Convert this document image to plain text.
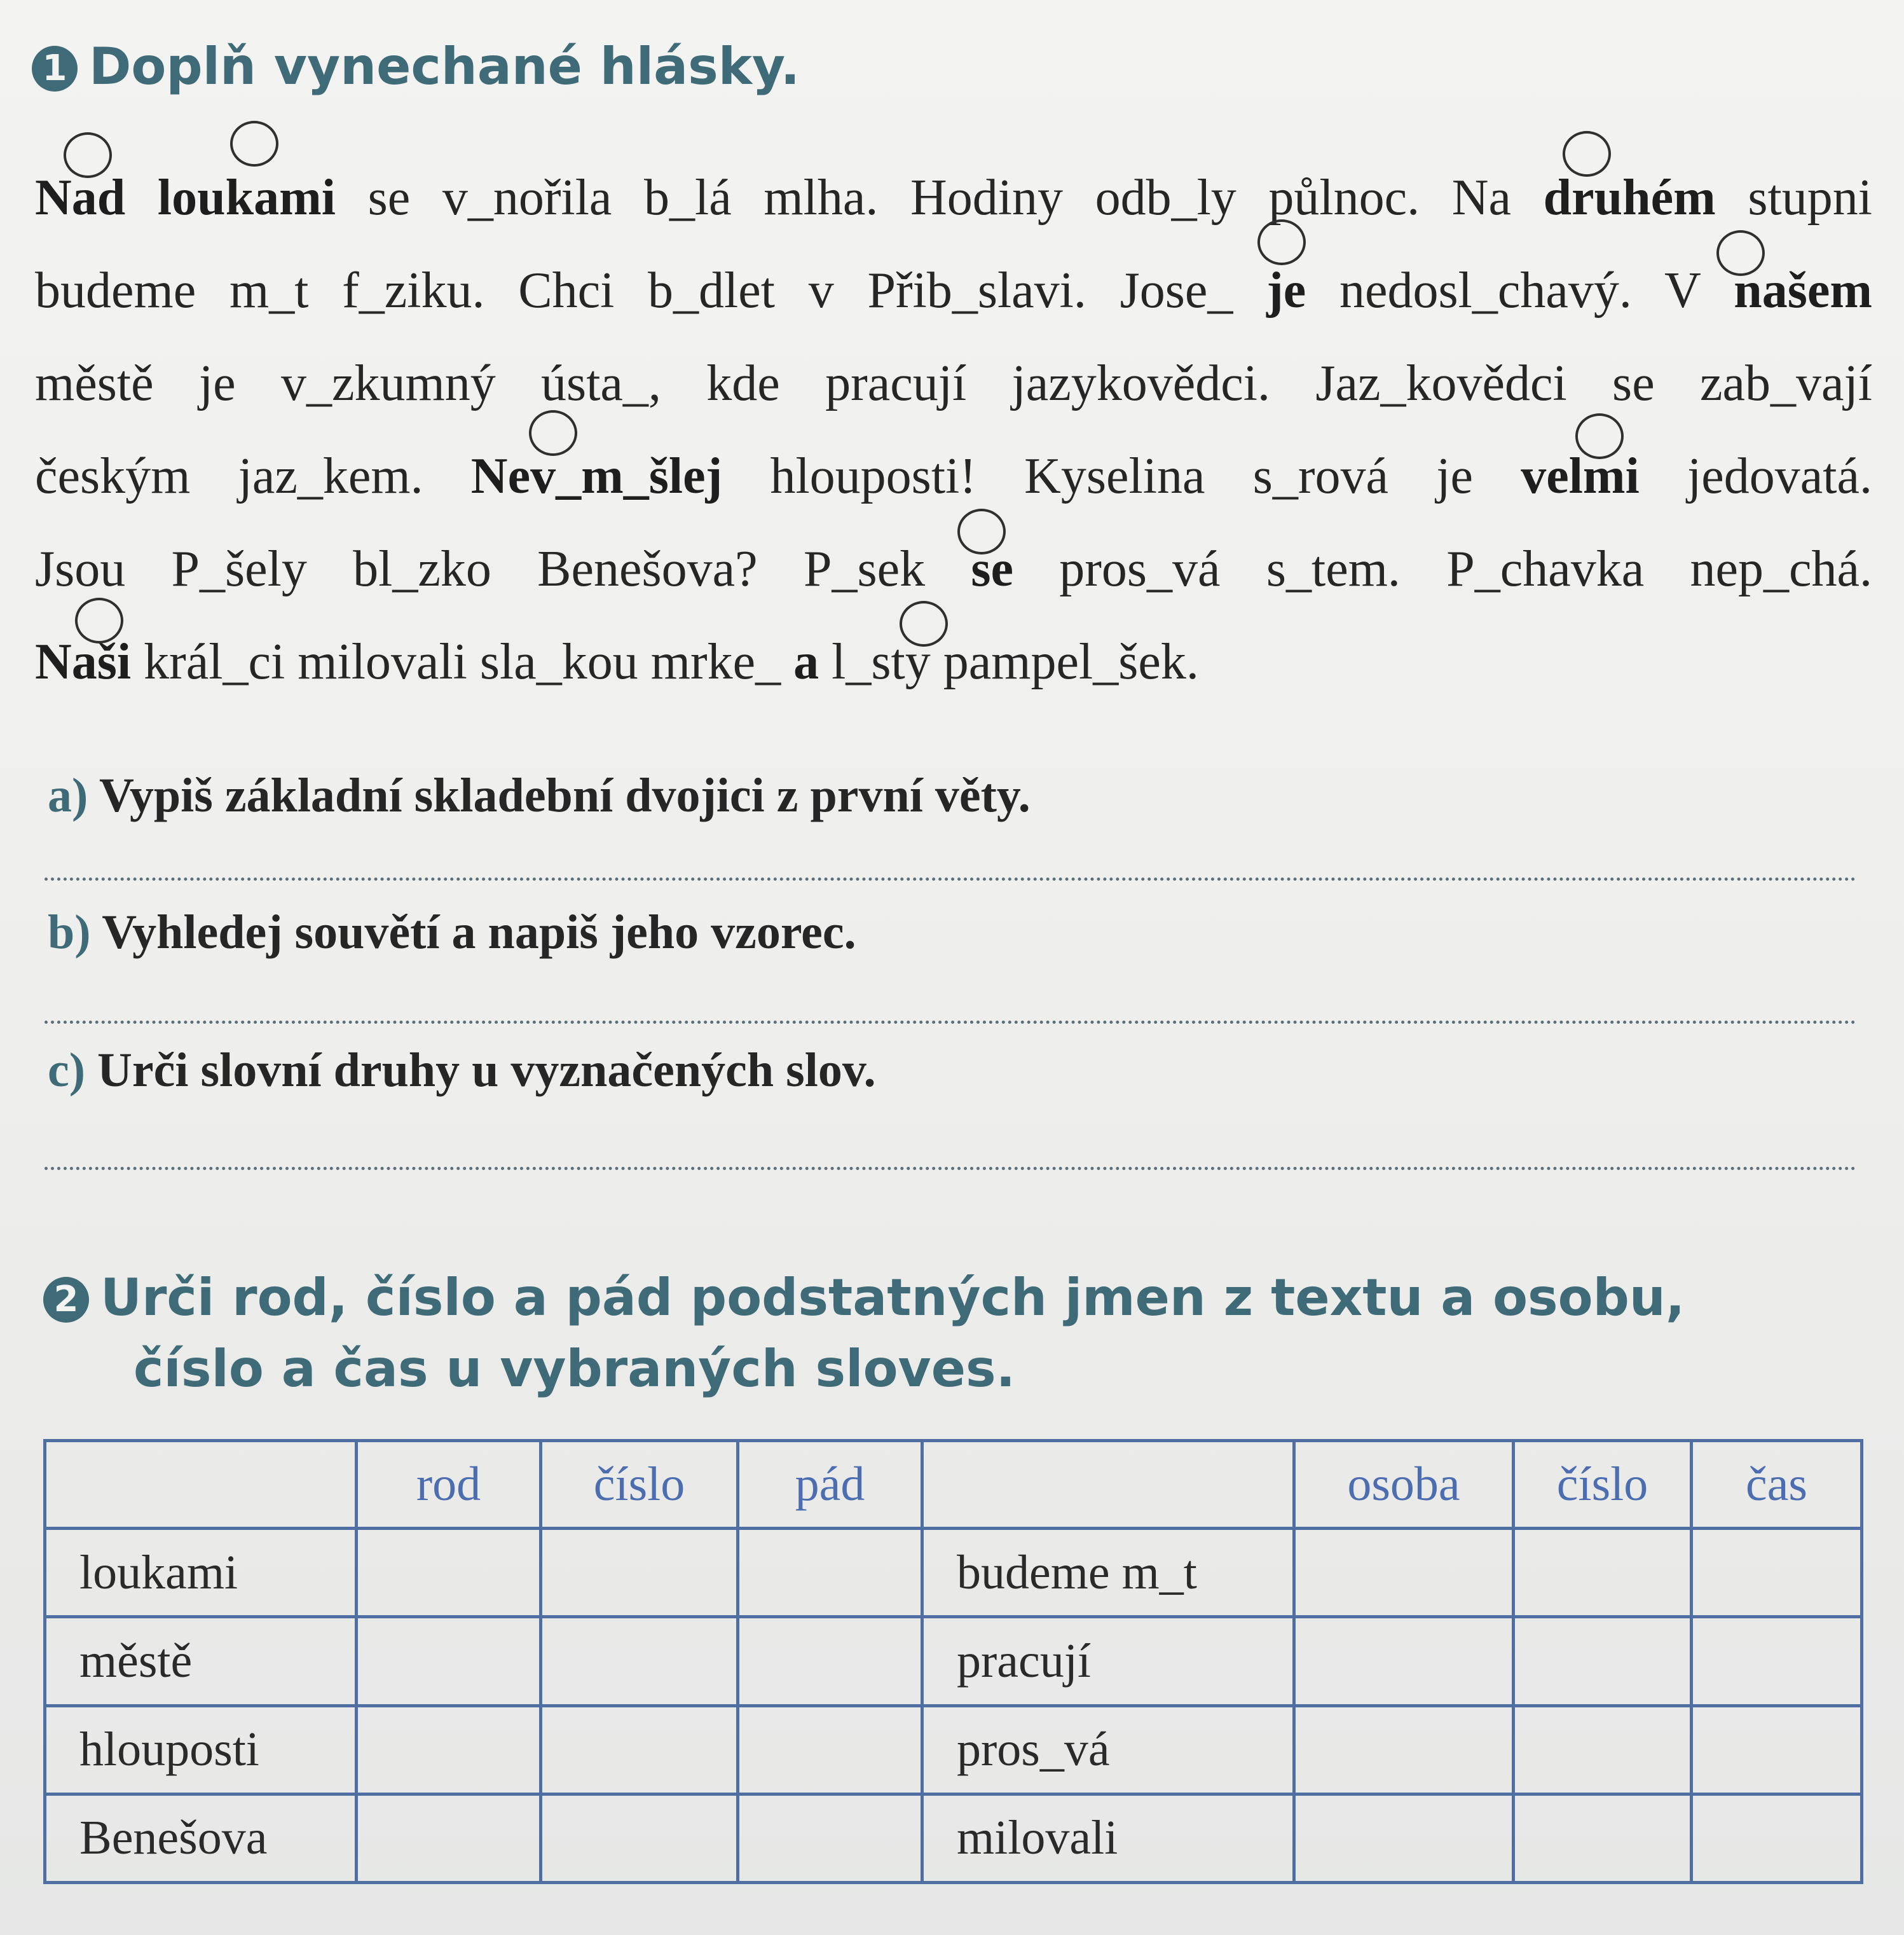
1 Doplň vynechané hlásky.
Nad loukami se v_nořila b_lá mlha. Hodiny odb_ly půlnoc. Na druhém stupni
budeme m_t f_ziku. Chci b_dlet v Přib_slavi. Jose_ je nedosl_chavý. V našem
městě je v_zkumný ústa_, kde pracují jazykovědci. Jaz_kovědci se zab_vají
českým jaz_kem. Nev_m_šlej hlouposti! Kyselina s_rová je velmi jedovatá.
Jsou P_šely bl_zko Benešova? P_sek se pros_vá s_tem. P_chavka nep_chá.
Naši král_ci milovali sla_kou mrke_ a l_sty pampel_šek.
a) Vypiš základní skladební dvojici z první věty.
b) Vyhledej souvětí a napiš jeho vzorec.
c) Urči slovní druhy u vyznačených slov.
2 Urči rod, číslo a pád podstatných jmen z textu a osobu,
číslo a čas u vybraných sloves.
	rod	číslo	pád		osoba	číslo	čas
loukami				budeme m_t			
městě				pracují			
hlouposti				pros_vá			
Benešova				milovali			
